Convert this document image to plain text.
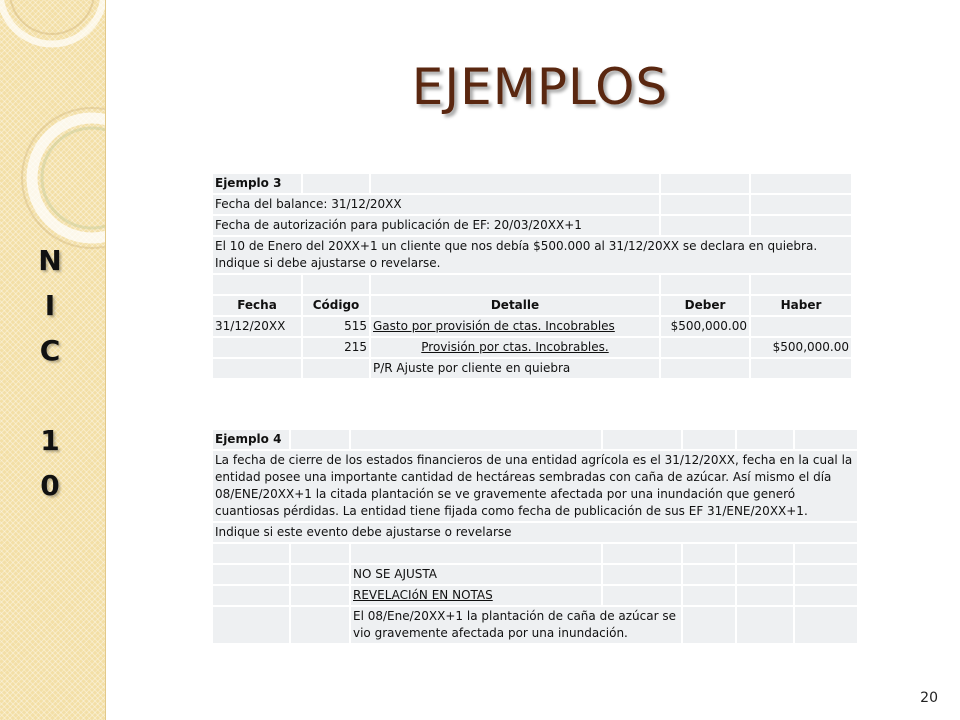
N
I
C
1
0
EJEMPLOS
Ejemplo 3				
Fecha del balance: 31/12/20XX				
Fecha de autorización para publicación de EF: 20/03/20XX+1				
El 10 de Enero del 20XX+1 un cliente que nos debía $500.000 al 31/12/20XX se declara en quiebra. Indique si debe ajustarse o revelarse.				

Fecha	Código	Detalle	Deber	Haber
31/12/20XX	515	Gasto por provisión de ctas. Incobrables	$500,000.00	
	215	Provisión por ctas. Incobrables.		$500,000.00
		P/R Ajuste por cliente en quiebra		
Ejemplo 4						
La fecha de cierre de los estados financieros de una entidad agrícola es el 31/12/20XX, fecha en la cual la entidad posee una importante cantidad de hectáreas sembradas con caña de azúcar. Así mismo el día 08/ENE/20XX+1 la citada plantación se ve gravemente afectada por una inundación que generó cuantiosas pérdidas. La entidad tiene fijada como fecha de publicación de sus EF 31/ENE/20XX+1.						
Indique si este evento debe ajustarse o revelarse						

		NO SE AJUSTA				
		REVELACIóN EN NOTAS				
		El 08/Ene/20XX+1 la plantación de caña de azúcar se vio gravemente afectada por una inundación.				
20
